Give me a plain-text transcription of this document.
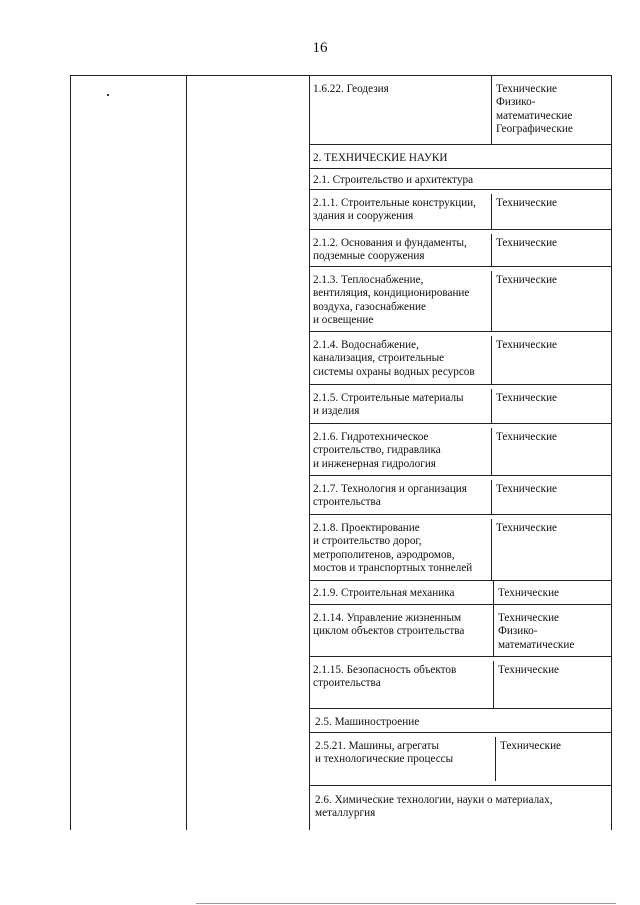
16
1.6.22. Геодезия	Технические
Физико-
математические
Географические
2. ТЕХНИЧЕСКИЕ НАУКИ
2.1. Строительство и архитектура
2.1.1. Строительные конструкции,
здания и сооружения
Технические
2.1.2. Основания и фундаменты,
подземные сооружения
Технические
2.1.3. Теплоснабжение,
вентиляция, кондиционирование
воздуха, газоснабжение
и освещение
Технические
2.1.4. Водоснабжение,
канализация, строительные
системы охраны водных ресурсов
Технические
2.1.5. Строительные материалы
и изделия
Технические
2.1.6. Гидротехническое
строительство, гидравлика
и инженерная гидрология
Технические
2.1.7. Технология и организация
строительства
Технические
2.1.8. Проектирование
и строительство дорог,
метрополитенов, аэродромов,
мостов и транспортных тоннелей
Технические
2.1.9. Строительная механика	Технические
2.1.14. Управление жизненным
циклом объектов строительства
Технические
Физико-
математические
2.1.15. Безопасность объектов
строительства
Технические
2.5. Машиностроение
2.5.21. Машины, агрегаты
и технологические процессы
Технические
2.6. Химические технологии, науки о материалах,
металлургия
